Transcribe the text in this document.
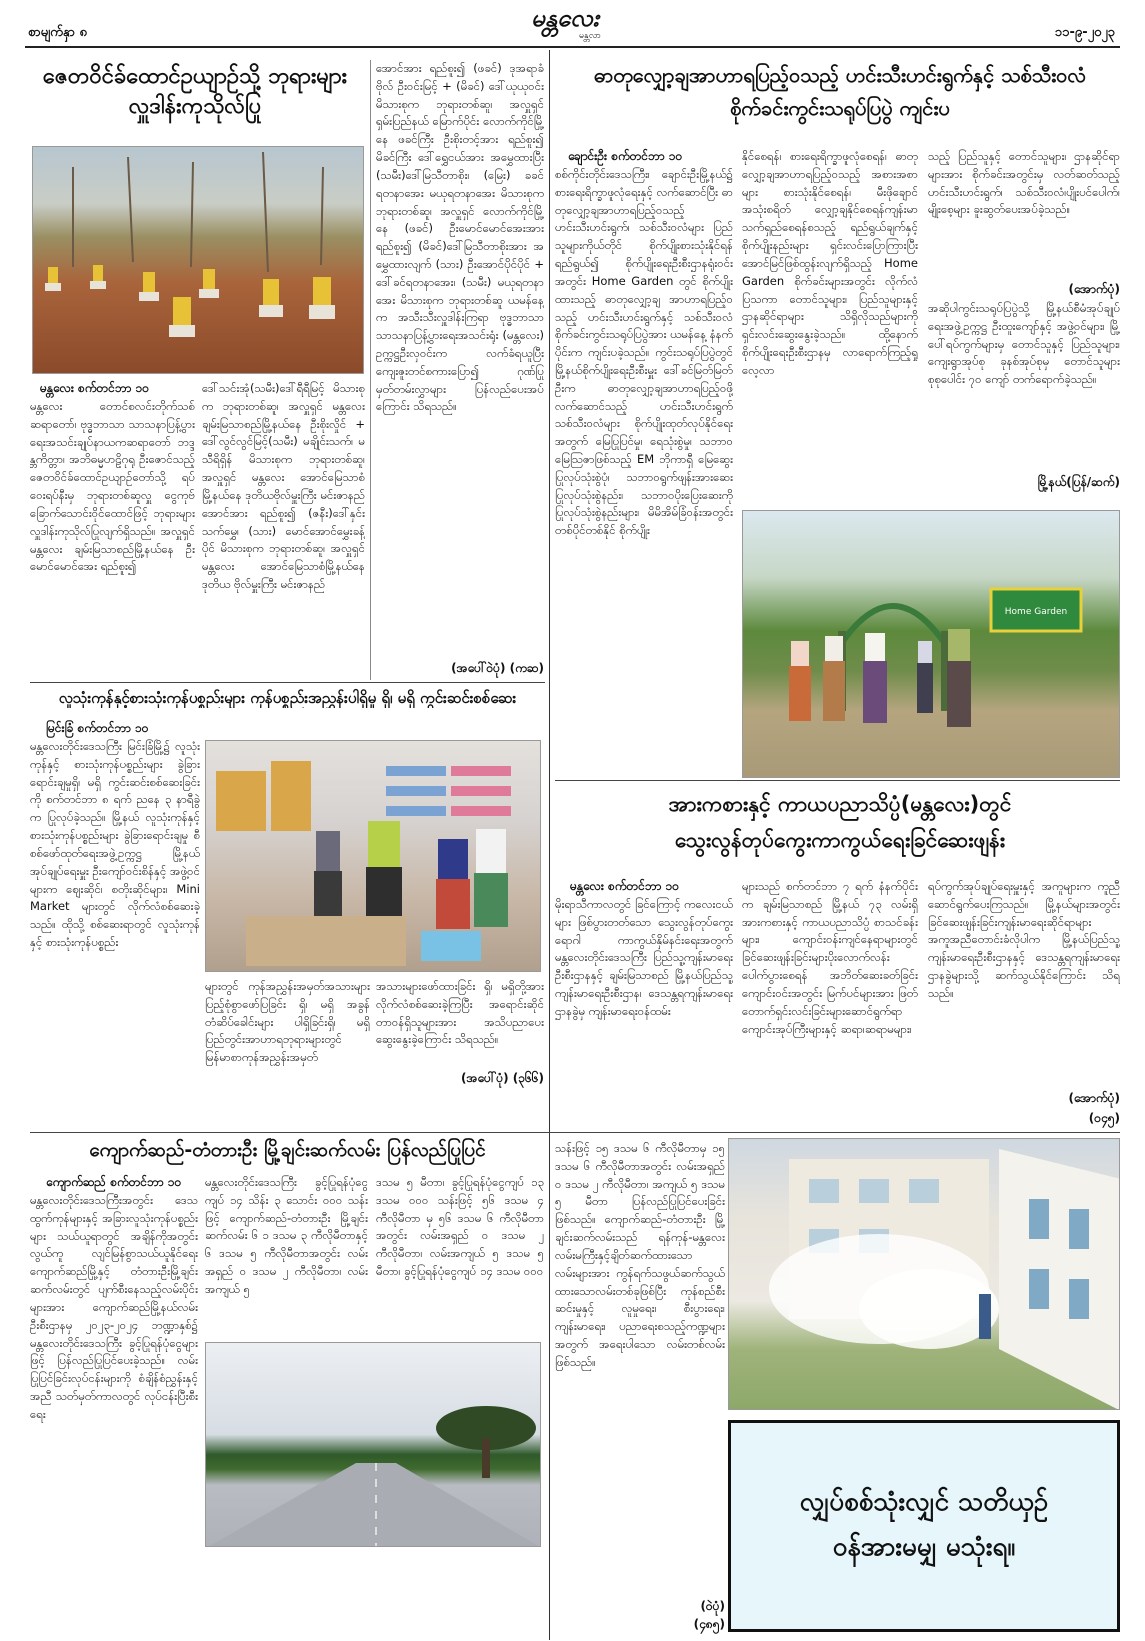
စာမျက်နှာ ၈
မန္တလေး
မန္တလာ	၁၁-၉-၂၀၂၃
ဇေတဝိင်ခ်ထောင်ဥယျာဉ်သို့ ဘုရားများ လှူဒါန်းကုသိုလ်ပြု
မန္တလေး စက်တင်ဘာ ၁၀
မန္တလေး တောင်စလင်းတိုက်သစ်ဆရာတော်၊ ဗုဒ္ဓဘာသာ သာသနာပြန့်ပွားရေးအသင်းချုပ်နာယကဆရာတော် ဘဒ္ဒန္တကိတ္တာ၊ အဘိဓမ္မပာဠိဂုရု ဦးဇောင်သည့် ဇေတဝိင်ခ်ထောင်ဥယျာဉ်တော်သို့ ရပ်ဝေးရပ်နီးမှ ဘုရားတစ်ဆူလှူ ငွေကုဗ်ခြောက်သောင်းဝိုင်ထောင်ဖြင့် ဘုရားများ လှူဒါန်းကုသိုလ်ပြုလျက်ရှိသည်။ အလှူရှင် မန္တလေး ချမ်းမြသာစည်မြို့နယ်နေ ဦးမောင်မောင်အေး ရည်စူး၍
ဒေါ်သင်းအုံ(သမီး)ဒေါ်ရီရီမြင့် မိသားစုက ဘုရားတစ်ဆူ၊ အလှူရှင် မန္တလေး ချမ်းမြသာစည်မြို့နယ်နေ ဦးစိုးလှိုင် + ဒေါ်လွင်လွင်မြင့်(သမီး) မချိုင်းသက်၊ မသီရိရှိန် မိသားစုက ဘုရားတစ်ဆူ၊ အလှူရှင် မန္တလေး အောင်မြေသာစံမြို့နယ်နေ ဒုတိယဗိုလ်မှူးကြီး မင်းဇာနည်အောင်အား ရည်စူး၍ (ဇနီး)ဒေါ်နှင်းသက်မွှေ၊ (သား) မောင်အောင်မွှေးခန့်ပိုင် မိသားစုက ဘုရားတစ်ဆူ၊ အလှူရှင် မန္တလေး အောင်မြေသာစံမြို့နယ်နေ ဒုတိယ ဗိုလ်မှူးကြီး မင်းဇာနည်
အောင်အား ရည်စူး၍ (ဖခင်) ဒုအရာခံဗိုလ် ဦးဝင်းမြင့် + (မိခင်) ဒေါ်ယုယုဝင်း မိသားစုက ဘုရားတစ်ဆူ၊ အလှူရှင် ရှမ်းပြည်နယ် မြောက်ပိုင်း လောက်ကိုင်မြို့နေ ဖခင်ကြီး ဦးစိုးတင့်အား ရည်စူး၍ မိခင်ကြီး ဒေါ်ရွှေငယ်အား အမွှေထားပြီး (သမီး)ဒေါ်မြသီတာစိုး၊ (မြေး) ခခင်ရတနာအေး မယုရတနာအေး မိသားစုက ဘုရားတစ်ဆူ၊ အလှူရှင် လောက်ကိုင်မြို့နေ (ဖခင်) ဦးမောင်မောင်အေးအား ရည်စူး၍ (မိခင်)ဒေါ်မြသီတာစိုးအား အမွှေထားလျက် (သား) ဦးအောင်ပိုင်ပိုင် + ဒေါ်ခင်ရတနာအေး၊ (သမီး) မယုရတနာအေး မိသားစုက ဘုရားတစ်ဆူ ယမန်နေ့က အသီးသီးလှူဒါန်းကြရာ ဗုဒ္ဓဘာသာသာသနာပြန့်ပွားရေးအသင်းရုံး (မန္တလေး) ဥက္ကဋ္ဌဦးလှဝင်းက လက်ခံရယူပြီး ကျေးဇူးတင်စကားပြော၍ ဂုဏ်ပြုမှတ်တမ်းလွှာများ ပြန်လည်ပေးအပ်ကြောင်း သိရသည်။
(အပေါ်ဝဲပုံ) (ကဆ)
ဓာတုလျှော့ချအာဟာရပြည့်ဝသည့် ဟင်းသီးဟင်းရွက်နှင့် သစ်သီးဝလံ
စိုက်ခင်းကွင်းသရုပ်ပြပွဲ ကျင်းပ
ချောင်းဦး စက်တင်ဘာ ၁၀
စစ်ကိုင်းတိုင်းဒေသကြီး၊ ချောင်းဦးမြို့နယ်၌ စားရေးရိက္ခာဖူလုံရေးနှင့် လက်ဆောင်ပြီး ဓာတုလျှော့ချအာဟာရပြည့်ဝသည့် ဟင်းသီးဟင်းရွက်၊ သစ်သီးဝလံများ ပြည်သူများကိုယ်တိုင် စိုက်ပျိုးစားသုံးနိုင်ရန် ရည်ရွယ်၍ စိုက်ပျိုးရေးဦးစီးဌာနရုံးဝင်းအတွင်း Home Garden တွင် စိုက်ပျိုးထားသည့် ဓာတုလျှော့ချ အာဟာရပြည့်ဝသည့် ဟင်းသီးဟင်းရွက်နှင့် သစ်သီးဝလံစိုက်ခင်းကွင်းသရုပ်ပြပွဲအား ယမန်နေ့ နံနက်ပိုင်းက ကျင်းပခဲ့သည်။ ကွင်းသရုပ်ပြပွဲတွင် မြို့နယ်စိုက်ပျိုးရေးဦးစီးမှူး ဒေါ်ခင်မြတ်မြတ်ဦးက ဓာတုလျှော့ချအာဟာရပြည့်ဝဖို့ လက်ဆောင်သည့် ဟင်းသီးဟင်းရွက်သစ်သီးဝလံများ စိုက်ပျိုးထုတ်လုပ်နိုင်ရေးအတွက် မြေပြုပြင်မှု၊ ရေသုံးစွဲမှု၊ သဘာဝမြေဩဇာဖြစ်သည့် EM ဘိုကာရှီ မြေဆွေးပြုလုပ်သုံးစွဲပုံ၊ သဘာဝရွက်ဖျန်းအားဆေး ပြုလုပ်သုံးစွဲနည်း၊ သဘာဝပိုးပြေးဆေးကို ပြုလုပ်သုံးစွဲနည်းများ၊ မိမိအိမ်ခြံဝန်းအတွင်း တစ်ပိုင်တစ်နိုင် စိုက်ပျိုး
နိုင်စေရန်၊ စားရေးရိက္ခာဖူလုံစေရန်၊ ဓာတုလျှော့ချအာဟာရပြည့်ဝသည့် အစားအစာများ စားသုံးနိုင်စေရန်၊ မီးဖိုချောင်အသုံးစရိတ် လျှော့ချနိုင်စေရန်ကျန်းမာသက်ရှည်စေရန်စသည့် ရည်ရွယ်ချက်နှင့် စိုက်ပျိုးနည်းများ ရှင်းလင်းပြောကြားပြီး အောင်မြင်ဖြစ်ထွန်းလျက်ရှိသည့် Home Garden စိုက်ခင်းများအတွင်း လိုက်လံပြသကာ တောင်သူများ၊ ပြည်သူများနှင့် ဌာနဆိုင်ရာများ သိရှိလိုသည်များကို ရှင်းလင်းဆွေးနွေးခဲ့သည်။ ထို့နောက် စိုက်ပျိုးရေးဦးစီးဌာနမှ လာရောက်ကြည့်ရှုလေ့လာ
သည့် ပြည်သူနှင့် တောင်သူများ၊ ဌာနဆိုင်ရာများအား စိုက်ခင်းအတွင်းမှ လတ်ဆတ်သည့် ဟင်းသီးဟင်းရွက်၊ သစ်သီးဝလံ၊ပျိုးပင်ပေါက်၊ မျိုးစေ့များ ခူးဆွတ်ပေးအပ်ခဲ့သည်။
(အောက်ပုံ)
အဆိုပါကွင်းသရုပ်ပြပွဲသို့ မြို့နယ်စီမံအုပ်ချုပ်ရေးအဖွဲ့ဥက္ကဋ္ဌ ဦးထူးကျော်နှင့် အဖွဲ့ဝင်များ၊ မြို့ပေါ်ရပ်ကွက်များမှ တောင်သူနှင့် ပြည်သူများ၊ ကျေးရွာအုပ်စု ခုနစ်အုပ်စုမှ တောင်သူများ စုစုပေါင်း ၇၀ ကျော် တက်ရောက်ခဲ့သည်။
မြို့နယ်(ပြန်/ဆက်)
Home Garden
လူသုံးကုန်နှင့်စားသုံးကုန်ပစ္စည်းများ ကုန်ပစ္စည်းအညွှန်းပါရှိမှု ရှိ၊ မရှိ ကွင်းဆင်းစစ်ဆေး
မြင်းခြံ စက်တင်ဘာ ၁၀
မန္တလေးတိုင်းဒေသကြီး မြင်းခြံမြို့၌ လူသုံးကုန်နှင့် စားသုံးကုန်ပစ္စည်းများ ခွဲခြားရောင်းချမှုရှိ၊ မရှိ ကွင်းဆင်းစစ်ဆေးခြင်းကို စက်တင်ဘာ ၈ ရက် ညနေ ၃ နာရီခွဲက ပြုလုပ်ခဲ့သည်။ မြို့နယ် လူသုံးကုန်နှင့် စားသုံးကုန်ပစ္စည်းများ ခွဲခြားရောင်းချမှု စီစစ်ဖော်ထုတ်ရေးအဖွဲ့ဥက္ကဋ္ဌ မြို့နယ်အုပ်ချုပ်ရေးမှူး ဦးကျော်ဝင်းစိန်နှင့် အဖွဲ့ဝင်များက ဈေးဆိုင်၊ စတိုးဆိုင်များ၊ Mini Market များတွင် လိုက်လံစစ်ဆေးခဲ့သည်။ ထိုသို့ စစ်ဆေးရာတွင် လူသုံးကုန်နှင့် စားသုံးကုန်ပစ္စည်း
များတွင် ကုန်အညွှန်းအမှတ်အသားများ ပြည့်စုံစွာဖော်ပြခြင်း ရှိ၊ မရှိ အခွန်တံဆိပ်ခေါင်းများ ပါရှိခြင်းရှိ၊ မရှိ ပြည်တွင်းအာဟာရဘုရားများတွင် မြန်မာစာကုန်အညွှန်းအမှတ်
အသားများဖော်ထားခြင်း ရှိ၊ မရှိတို့အား လိုက်လံစစ်ဆေးခဲ့ကြပြီး အရောင်းဆိုင်တာဝန်ရှိသူများအား အသိပညာပေးဆွေးနွေးခဲ့ကြောင်း သိရသည်။
(အပေါ်ပုံ) (၃၆၆)
အားကစားနှင့် ကာယပညာသိပ္ပံ(မန္တလေး)တွင်
သွေးလွန်တုပ်ကွေးကာကွယ်ရေးခြင်ဆေးဖျန်း
မန္တလေး စက်တင်ဘာ ၁၀
မိုးရာသီကာလတွင် ခြင်ကြောင့် ကလေးငယ်များ ဖြစ်ပွားတတ်သော သွေးလွန်တုပ်ကွေးရောဂါ ကာကွယ်နှိမ်နင်းရေးအတွက် မန္တလေးတိုင်းဒေသကြီး ပြည်သူ့ကျန်းမာရေးဦးစီးဌာနနှင့် ချမ်းမြသာစည် မြို့နယ်ပြည်သူ့ကျန်းမာရေးဦးစီးဌာန၊ ဒေသန္တရကျန်းမာရေးဌာနခွဲမှ ကျန်းမာရေးဝန်ထမ်း
များသည် စက်တင်ဘာ ၇ ရက် နံနက်ပိုင်းက ချမ်းမြသာစည် မြို့နယ် ၇၃ လမ်းရှိ အားကစားနှင့် ကာယပညာသိပ္ပံ စာသင်ခန်းများ၊ ကျောင်းဝန်းကျင်နေရာများတွင် ခြင်ဆေးဖျန်းခြင်းများပိုးလောက်လန်းပေါက်ပွားစေရန် အဘိတ်ဆေးခတ်ခြင်းကျောင်းဝင်းအတွင်း မြက်ပင်များအား ဖြတ်တောက်ရှင်းလင်းခြင်းများဆောင်ရွက်ရာ ကျောင်းအုပ်ကြီးများနှင့် ဆရာ၊ဆရာမများ၊
ရပ်ကွက်အုပ်ချုပ်ရေးမှူးနှင့် အကူများက ကူညီဆောင်ရွက်ပေးကြသည်။ မြို့နယ်များအတွင်း ခြင်ဆေးဖျန်းခြင်းကျန်းမာရေးဆိုင်ရာများ အကူအညီတောင်းခံလိုပါက မြို့နယ်ပြည်သူ့ကျန်းမာရေးဦးစီးဌာနနှင့် ဒေသန္တရကျန်းမာရေးဌာနခွဲများသို့ ဆက်သွယ်နိုင်ကြောင်း သိရသည်။
(အောက်ပုံ)
(၀၄၅)
ကျောက်ဆည်-တံတားဦး မြို့ချင်းဆက်လမ်း ပြန်လည်ပြုပြင်
ကျောက်ဆည် စက်တင်ဘာ ၁၀
မန္တလေးတိုင်းဒေသကြီးအတွင်း ဒေသထွက်ကုန်များနှင့် အခြားလူသုံးကုန်ပစ္စည်းများ သယ်ယူရာတွင် အချိန်ကိုအတွင်း လွယ်ကူ လျင်မြန်စွာသယ်ယူနိုင်ရေး ကျောက်ဆည်မြို့နှင့် တံတားဦးမြို့ချင်းဆက်လမ်းတွင် ပျက်စီးနေသည့်လမ်းပိုင်းများအား ကျောက်ဆည်မြို့နယ်လမ်းဦးစီးဌာနမှ ၂၀၂၃-၂၀၂၄ ဘဏ္ဍာနှစ်၌ မန္တလေးတိုင်းဒေသကြီး ခွင့်ပြုရန်ပုံငွေများဖြင့် ပြန်လည်ပြုပြင်ပေးခဲ့သည်။ လမ်းပြုပြင်ခြင်းလုပ်ငန်းများကို စံချိန်စံညွှန်းနှင့်အညီ သတ်မှတ်ကာလတွင် လုပ်ငန်းပြီးစီးရေး
မန္တလေးတိုင်းဒေသကြီး ခွင့်ပြုရန်ပုံငွေကျပ် ၁၄ သိန်း ၃ သောင်း ၀၀၀ သန်းဖြင့် ကျောက်ဆည်-တံတားဦး မြို့ချင်းဆက်လမ်း ၆ ၁ ဒသမ ၃ ကီလိုမီတာနှင့် ၆ ဒသမ ၅ ကီလိုမီတာအတွင်း လမ်းအရှည် ၀ ဒသမ ၂ ကီလိုမီတာ၊ လမ်း အကျယ် ၅
ဒသမ ၅ မီတာ၊ ခွင့်ပြုရန်ပုံငွေကျပ် ၁၃ ဒသမ ၀၀၀ သန်းဖြင့် ၅၆ ဒသမ ၄ ကီလိုမီတာ မှ ၅၆ ဒသမ ၆ ကီလိုမီတာအတွင်း လမ်းအရှည် ၀ ဒသမ ၂ ကီလိုမီတာ၊ လမ်းအကျယ် ၅ ဒသမ ၅ မီတာ၊ ခွင့်ပြုရန်ပုံငွေကျပ် ၁၄ ဒသမ ၀၀၀
သန်းဖြင့် ၁၅ ဒသမ ၆ ကီလိုမီတာမှ ၁၅ ဒသမ ၆ ကီလိုမီတာအတွင်း လမ်းအရှည် ၀ ဒသမ ၂ ကီလိုမီတာ၊ အကျယ် ၅ ဒသမ ၅ မီတာ ပြန်လည်ပြုပြင်ပေးခြင်းဖြစ်သည်။ ကျောက်ဆည်-တံတားဦး မြို့ချင်းဆက်လမ်းသည် ရန်ကုန်-မန္တလေးလမ်းမကြီးနှင့်ချိတ်ဆက်ထားသော လမ်းများအား ကွန်ရက်သဖွယ်ဆက်သွယ်ထားသောလမ်းတစ်ခုဖြစ်ပြီး ကုန်စည်စီးဆင်းမှုနှင့် လူမှုရေး၊ စီးပွားရေး၊ ကျန်းမာရေး၊ ပညာရေးစသည့်ကဏ္ဍများအတွက် အရေးပါသော လမ်းတစ်လမ်းဖြစ်သည်။
(ဝဲပုံ)
(၄၈၅)
လျှပ်စစ်သုံးလျှင် သတိယှဉ်
ဝန်အားမမျှ မသုံးရ။
